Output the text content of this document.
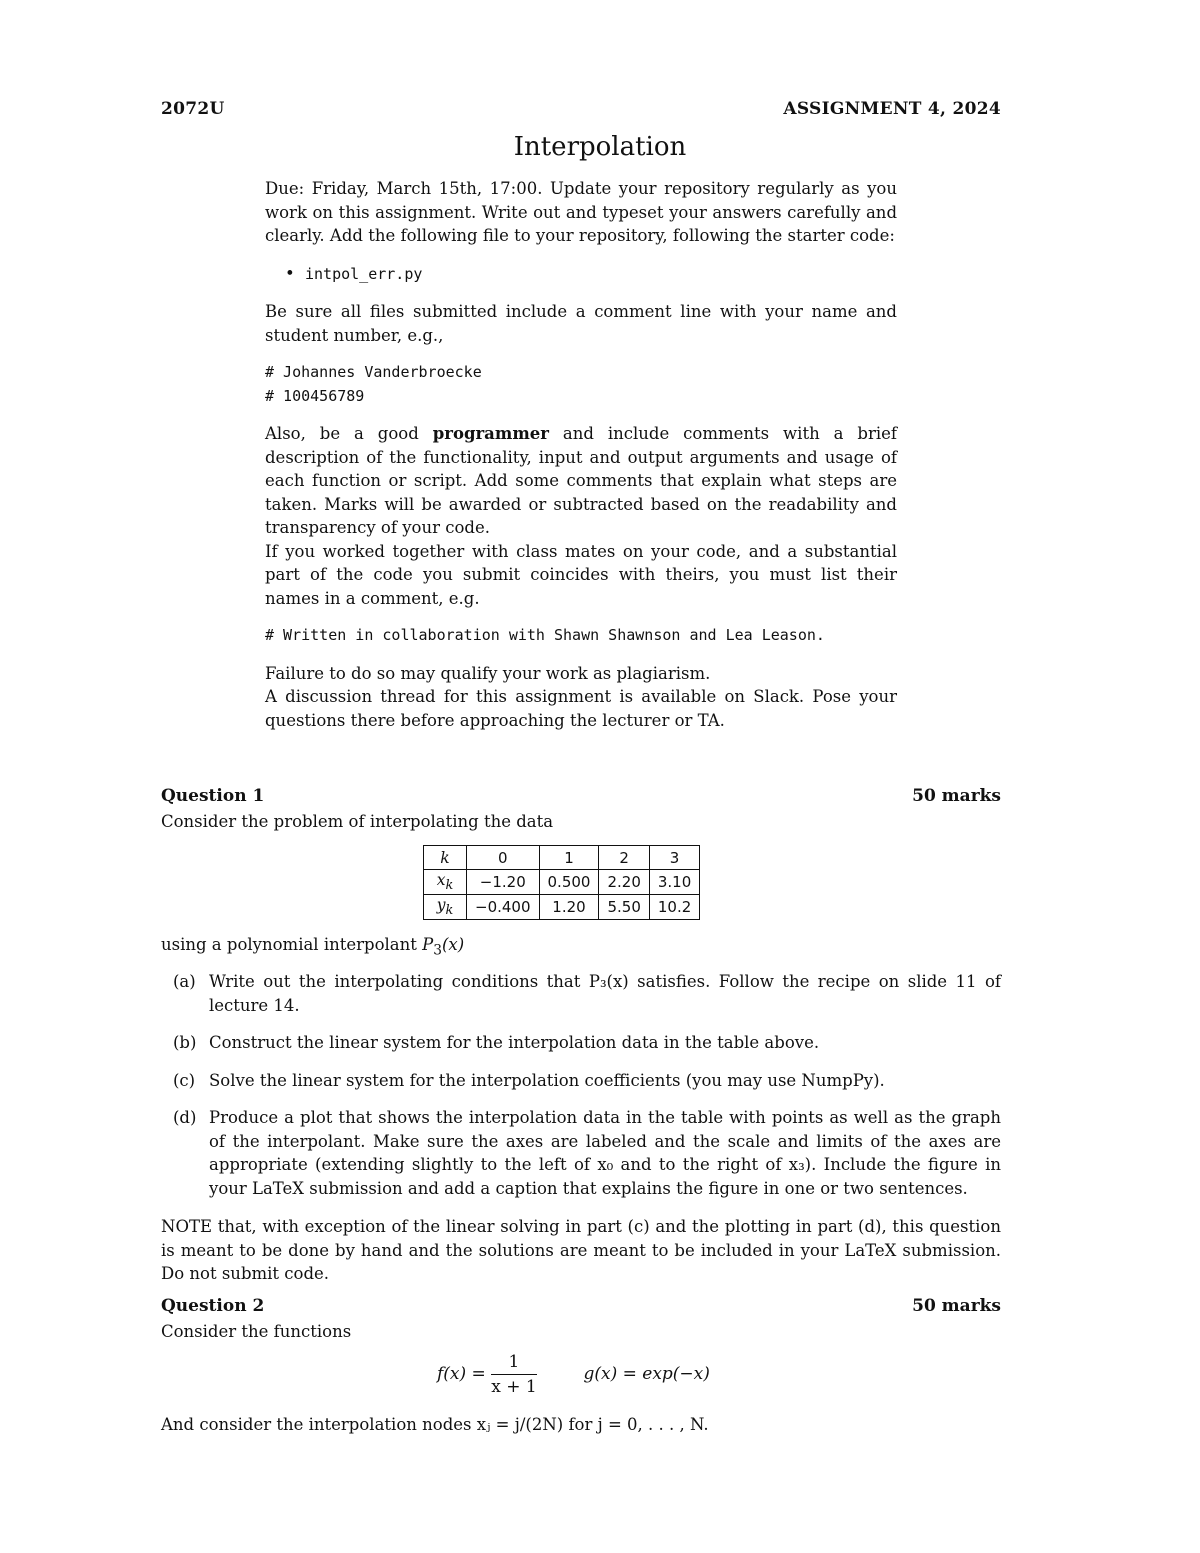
2072U	ASSIGNMENT 4, 2024
Interpolation

Due: Friday, March 15th, 17:00. Update your repository regularly as you work on this assignment. Write out and typeset your answers carefully and clearly. Add the following file to your repository, following the starter code:

• intpol_err.py

Be sure all files submitted include a comment line with your name and student number, e.g.,

# Johannes Vanderbroecke
# 100456789

Also, be a good programmer and include comments with a brief description of the functionality, input and output arguments and usage of each function or script. Add some comments that explain what steps are taken. Marks will be awarded or subtracted based on the readability and transparency of your code.

If you worked together with class mates on your code, and a substantial part of the code you submit coincides with theirs, you must list their names in a comment, e.g.

# Written in collaboration with Shawn Shawnson and Lea Leason.

Failure to do so may qualify your work as plagiarism.

A discussion thread for this assignment is available on Slack. Pose your questions there before approaching the lecturer or TA.

Question 1	50 marks

Consider the problem of interpolating the data

k	0	1	2	3
$x_k$	−1.20	0.500	2.20	3.10
$y_k$	−0.400	1.20	5.50	10.2

using a polynomial interpolant $P_3(x)$

(a) Write out the interpolating conditions that P₃(x) satisfies. Follow the recipe on slide 11 of lecture 14.
(b) Construct the linear system for the interpolation data in the table above.
(c) Solve the linear system for the interpolation coefficients (you may use NumpPy).
(d) Produce a plot that shows the interpolation data in the table with points as well as the graph of the interpolant. Make sure the axes are labeled and the scale and limits of the axes are appropriate (extending slightly to the left of x₀ and to the right of x₃). Include the figure in your LaTeX submission and add a caption that explains the figure in one or two sentences.

NOTE that, with exception of the linear solving in part (c) and the plotting in part (d), this question is meant to be done by hand and the solutions are meant to be included in your LaTeX submission. Do not submit code.

Question 2	50 marks

Consider the functions

$f(x) = \frac{1}{x + 1}$	g(x) = exp(−x)

And consider the interpolation nodes xⱼ = j/(2N) for j = 0, . . . , N.
